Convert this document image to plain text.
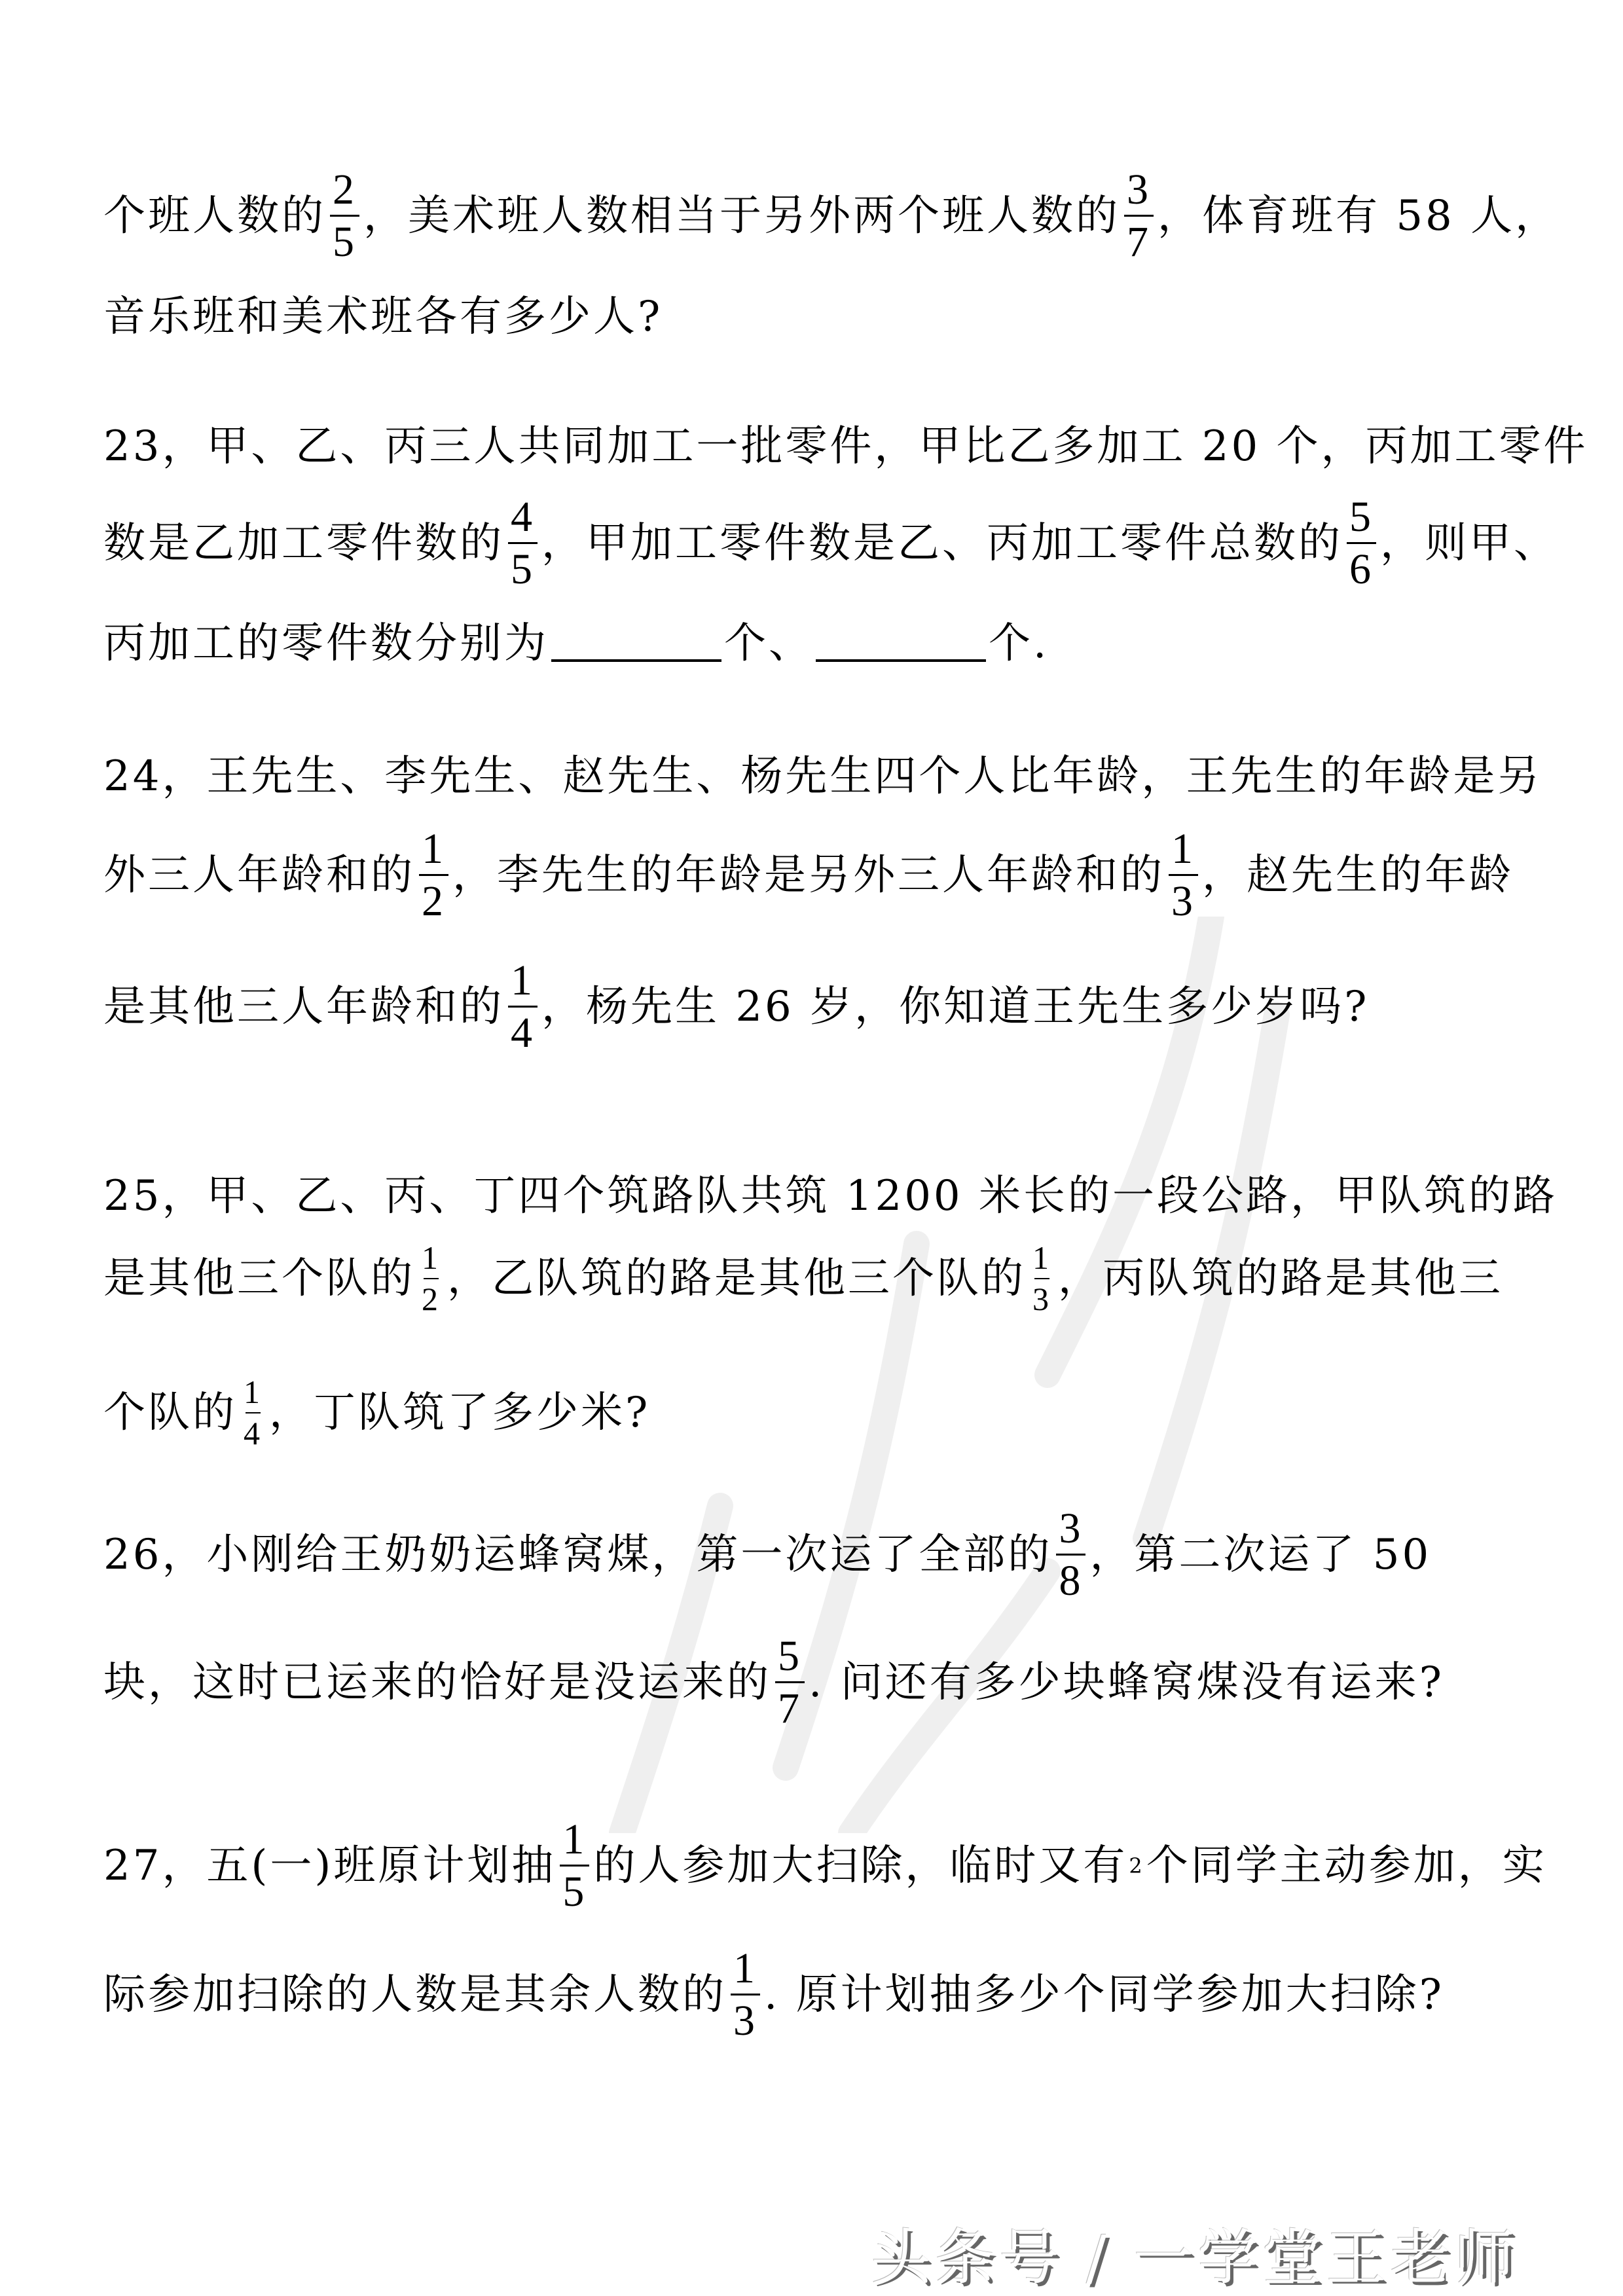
个班人数的 $\frac{2}{5}$ ，美术班人数相当于另外两个班人数的 $\frac{3}{7}$ ，体育班有 58 人，
音乐班和美术班各有多少人?
23，甲、乙、丙三人共同加工一批零件，甲比乙多加工 20 个，丙加工零件
数是乙加工零件数的 $\frac{4}{5}$ ，甲加工零件数是乙、丙加工零件总数的 $\frac{5}{6}$ ，则甲、
丙加工的零件数分别为	个、	个.
24，王先生、李先生、赵先生、杨先生四个人比年龄，王先生的年龄是另
外三人年龄和的 $\frac{1}{2}$ ，李先生的年龄是另外三人年龄和的 $\frac{1}{3}$ ，赵先生的年龄
是其他三人年龄和的 $\frac{1}{4}$ ，杨先生 26 岁，你知道王先生多少岁吗?
25，甲、乙、丙、丁四个筑路队共筑 1200 米长的一段公路，甲队筑的路
是其他三个队的 $\frac{1}{2}$ ，乙队筑的路是其他三个队的 $\frac{1}{3}$ ，丙队筑的路是其他三
个队的 $\frac{1}{4}$ ，丁队筑了多少米?
26，小刚给王奶奶运蜂窝煤，第一次运了全部的 $\frac{3}{8}$ ，第二次运了 50
块，这时已运来的恰好是没运来的 $\frac{5}{7}$ . 问还有多少块蜂窝煤没有运来?
27，五(一)班原计划抽 $\frac{1}{5}$ 的人参加大扫除，临时又有 2 个同学主动参加，实
际参加扫除的人数是其余人数的 $\frac{1}{3}$ . 原计划抽多少个同学参加大扫除?
头条号 / 一学堂王老师
